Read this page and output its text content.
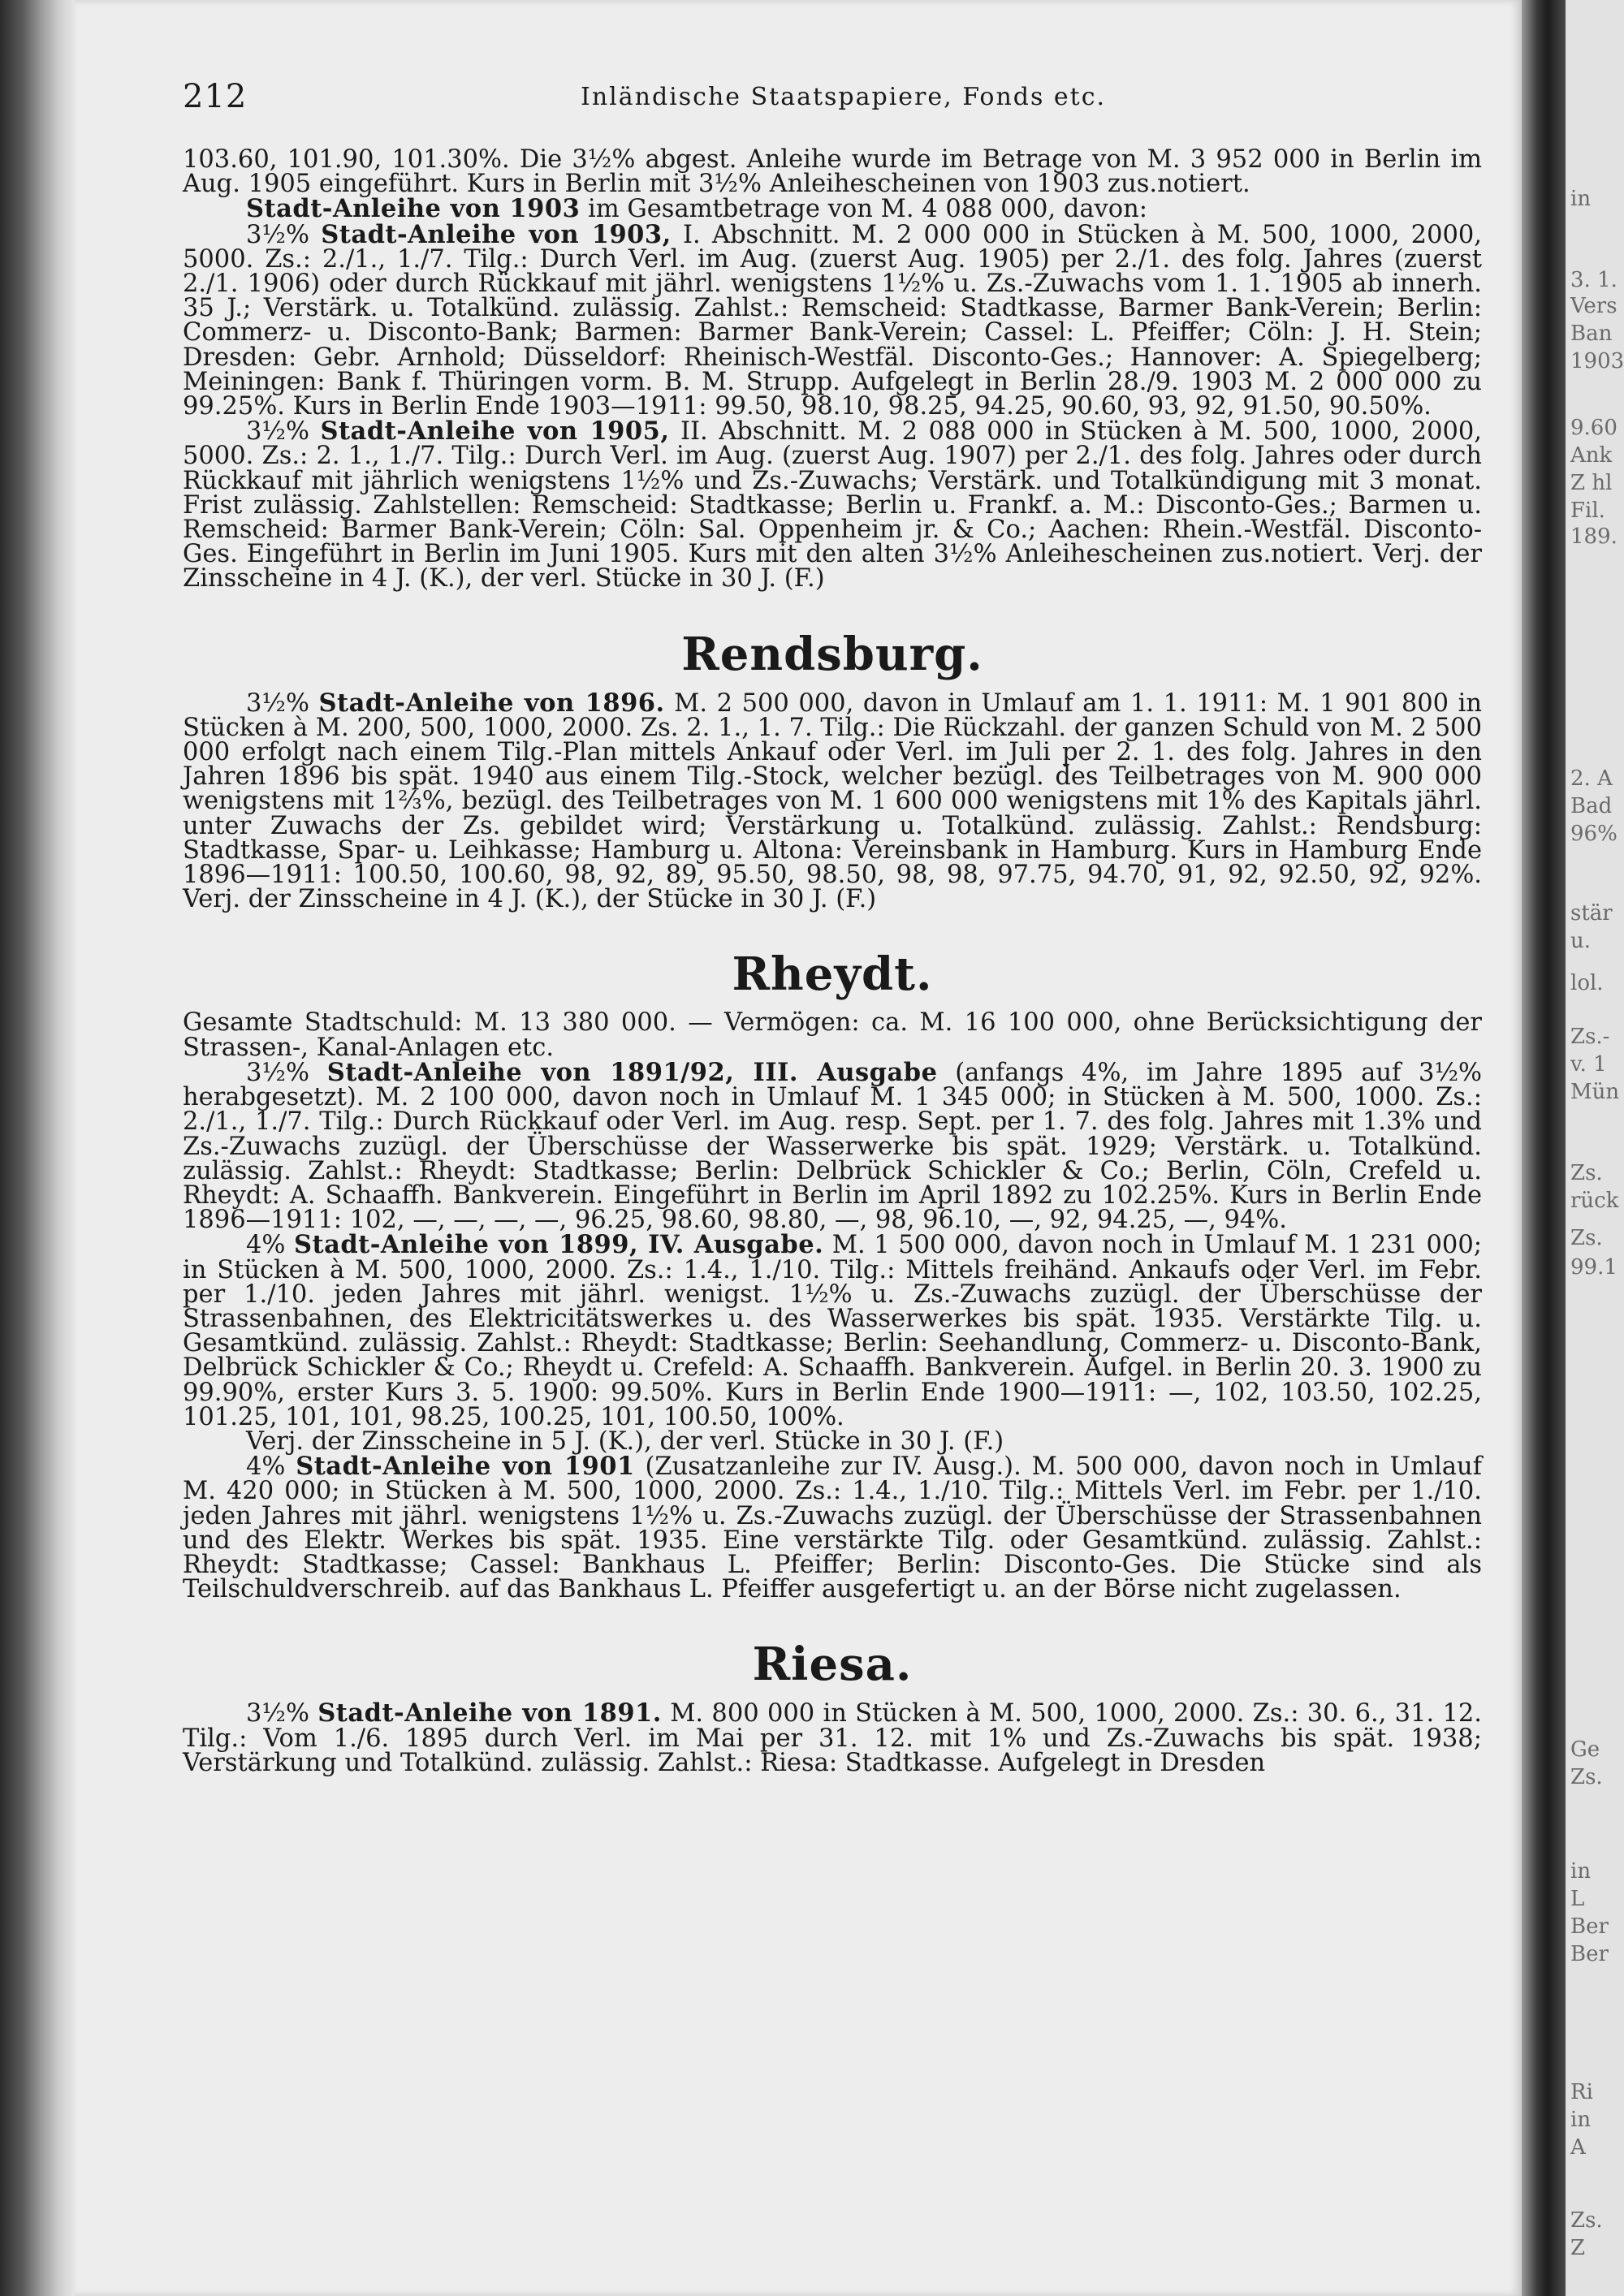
in
3. 1.
Vers
Ban
1903
9.60
Ank
Z hl
Fil.
189.
2. A
Bad
96%
stär
u.
lol.
Zs.-
v. 1
Mün
Zs.
rück
Zs.
99.1
Ge
Zs.
in
L
Ber
Ber
Ri
in
A
Zs.
Z
212	Inländische Staatspapiere, Fonds etc.

103.60, 101.90, 101.30%. Die 3½% abgest. Anleihe wurde im Betrage von M. 3 952 000 in Berlin im Aug. 1905 eingeführt. Kurs in Berlin mit 3½% Anleihescheinen von 1903 zus.notiert.

Stadt-Anleihe von 1903 im Gesamtbetrage von M. 4 088 000, davon:

3½% Stadt-Anleihe von 1903, I. Abschnitt. M. 2 000 000 in Stücken à M. 500, 1000, 2000, 5000. Zs.: 2./1., 1./7. Tilg.: Durch Verl. im Aug. (zuerst Aug. 1905) per 2./1. des folg. Jahres (zuerst 2./1. 1906) oder durch Rückkauf mit jährl. wenigstens 1½% u. Zs.-Zuwachs vom 1. 1. 1905 ab innerh. 35 J.; Verstärk. u. Totalkünd. zulässig. Zahlst.: Remscheid: Stadtkasse, Barmer Bank-Verein; Berlin: Commerz- u. Disconto-Bank; Barmen: Barmer Bank-Verein; Cassel: L. Pfeiffer; Cöln: J. H. Stein; Dresden: Gebr. Arnhold; Düsseldorf: Rheinisch-Westfäl. Disconto-Ges.; Hannover: A. Spiegelberg; Meiningen: Bank f. Thüringen vorm. B. M. Strupp. Aufgelegt in Berlin 28./9. 1903 M. 2 000 000 zu 99.25%. Kurs in Berlin Ende 1903—1911: 99.50, 98.10, 98.25, 94.25, 90.60, 93, 92, 91.50, 90.50%.

3½% Stadt-Anleihe von 1905, II. Abschnitt. M. 2 088 000 in Stücken à M. 500, 1000, 2000, 5000. Zs.: 2. 1., 1./7. Tilg.: Durch Verl. im Aug. (zuerst Aug. 1907) per 2./1. des folg. Jahres oder durch Rückkauf mit jährlich wenigstens 1½% und Zs.-Zuwachs; Verstärk. und Totalkündigung mit 3 monat. Frist zulässig. Zahlstellen: Remscheid: Stadtkasse; Berlin u. Frankf. a. M.: Disconto-Ges.; Barmen u. Remscheid: Barmer Bank-Verein; Cöln: Sal. Oppenheim jr. & Co.; Aachen: Rhein.-Westfäl. Disconto-Ges. Eingeführt in Berlin im Juni 1905. Kurs mit den alten 3½% Anleihescheinen zus.notiert. Verj. der Zinsscheine in 4 J. (K.), der verl. Stücke in 30 J. (F.)

Rendsburg.

3½% Stadt-Anleihe von 1896. M. 2 500 000, davon in Umlauf am 1. 1. 1911: M. 1 901 800 in Stücken à M. 200, 500, 1000, 2000. Zs. 2. 1., 1. 7. Tilg.: Die Rückzahl. der ganzen Schuld von M. 2 500 000 erfolgt nach einem Tilg.-Plan mittels Ankauf oder Verl. im Juli per 2. 1. des folg. Jahres in den Jahren 1896 bis spät. 1940 aus einem Tilg.-Stock, welcher bezügl. des Teilbetrages von M. 900 000 wenigstens mit 1⅔%, bezügl. des Teilbetrages von M. 1 600 000 wenigstens mit 1% des Kapitals jährl. unter Zuwachs der Zs. gebildet wird; Verstärkung u. Totalkünd. zulässig. Zahlst.: Rendsburg: Stadtkasse, Spar- u. Leihkasse; Hamburg u. Altona: Vereinsbank in Hamburg. Kurs in Hamburg Ende 1896—1911: 100.50, 100.60, 98, 92, 89, 95.50, 98.50, 98, 98, 97.75, 94.70, 91, 92, 92.50, 92, 92%. Verj. der Zinsscheine in 4 J. (K.), der Stücke in 30 J. (F.)

Rheydt.

Gesamte Stadtschuld: M. 13 380 000. — Vermögen: ca. M. 16 100 000, ohne Berücksichtigung der Strassen-, Kanal-Anlagen etc.

3½% Stadt-Anleihe von 1891/92, III. Ausgabe (anfangs 4%, im Jahre 1895 auf 3½% herabgesetzt). M. 2 100 000, davon noch in Umlauf M. 1 345 000; in Stücken à M. 500, 1000. Zs.: 2./1., 1./7. Tilg.: Durch Rückkauf oder Verl. im Aug. resp. Sept. per 1. 7. des folg. Jahres mit 1.3% und Zs.-Zuwachs zuzügl. der Überschüsse der Wasserwerke bis spät. 1929; Verstärk. u. Totalkünd. zulässig. Zahlst.: Rheydt: Stadtkasse; Berlin: Delbrück Schickler & Co.; Berlin, Cöln, Crefeld u. Rheydt: A. Schaaffh. Bankverein. Eingeführt in Berlin im April 1892 zu 102.25%. Kurs in Berlin Ende 1896—1911: 102, —, —, —, —, 96.25, 98.60, 98.80, —, 98, 96.10, —, 92, 94.25, —, 94%.

4% Stadt-Anleihe von 1899, IV. Ausgabe. M. 1 500 000, davon noch in Umlauf M. 1 231 000; in Stücken à M. 500, 1000, 2000. Zs.: 1.4., 1./10. Tilg.: Mittels freihänd. Ankaufs oder Verl. im Febr. per 1./10. jeden Jahres mit jährl. wenigst. 1½% u. Zs.-Zuwachs zuzügl. der Überschüsse der Strassenbahnen, des Elektricitätswerkes u. des Wasserwerkes bis spät. 1935. Verstärkte Tilg. u. Gesamtkünd. zulässig. Zahlst.: Rheydt: Stadtkasse; Berlin: Seehandlung, Commerz- u. Disconto-Bank, Delbrück Schickler & Co.; Rheydt u. Crefeld: A. Schaaffh. Bankverein. Aufgel. in Berlin 20. 3. 1900 zu 99.90%, erster Kurs 3. 5. 1900: 99.50%. Kurs in Berlin Ende 1900—1911: —, 102, 103.50, 102.25, 101.25, 101, 101, 98.25, 100.25, 101, 100.50, 100%.

Verj. der Zinsscheine in 5 J. (K.), der verl. Stücke in 30 J. (F.)

4% Stadt-Anleihe von 1901 (Zusatzanleihe zur IV. Ausg.). M. 500 000, davon noch in Umlauf M. 420 000; in Stücken à M. 500, 1000, 2000. Zs.: 1.4., 1./10. Tilg.: Mittels Verl. im Febr. per 1./10. jeden Jahres mit jährl. wenigstens 1½% u. Zs.-Zuwachs zuzügl. der Überschüsse der Strassenbahnen und des Elektr. Werkes bis spät. 1935. Eine verstärkte Tilg. oder Gesamtkünd. zulässig. Zahlst.: Rheydt: Stadtkasse; Cassel: Bankhaus L. Pfeiffer; Berlin: Disconto-Ges. Die Stücke sind als Teilschuldverschreib. auf das Bankhaus L. Pfeiffer ausgefertigt u. an der Börse nicht zugelassen.

Riesa.

3½% Stadt-Anleihe von 1891. M. 800 000 in Stücken à M. 500, 1000, 2000. Zs.: 30. 6., 31. 12. Tilg.: Vom 1./6. 1895 durch Verl. im Mai per 31. 12. mit 1% und Zs.-Zuwachs bis spät. 1938; Verstärkung und Totalkünd. zulässig. Zahlst.: Riesa: Stadtkasse. Aufgelegt in Dresden
